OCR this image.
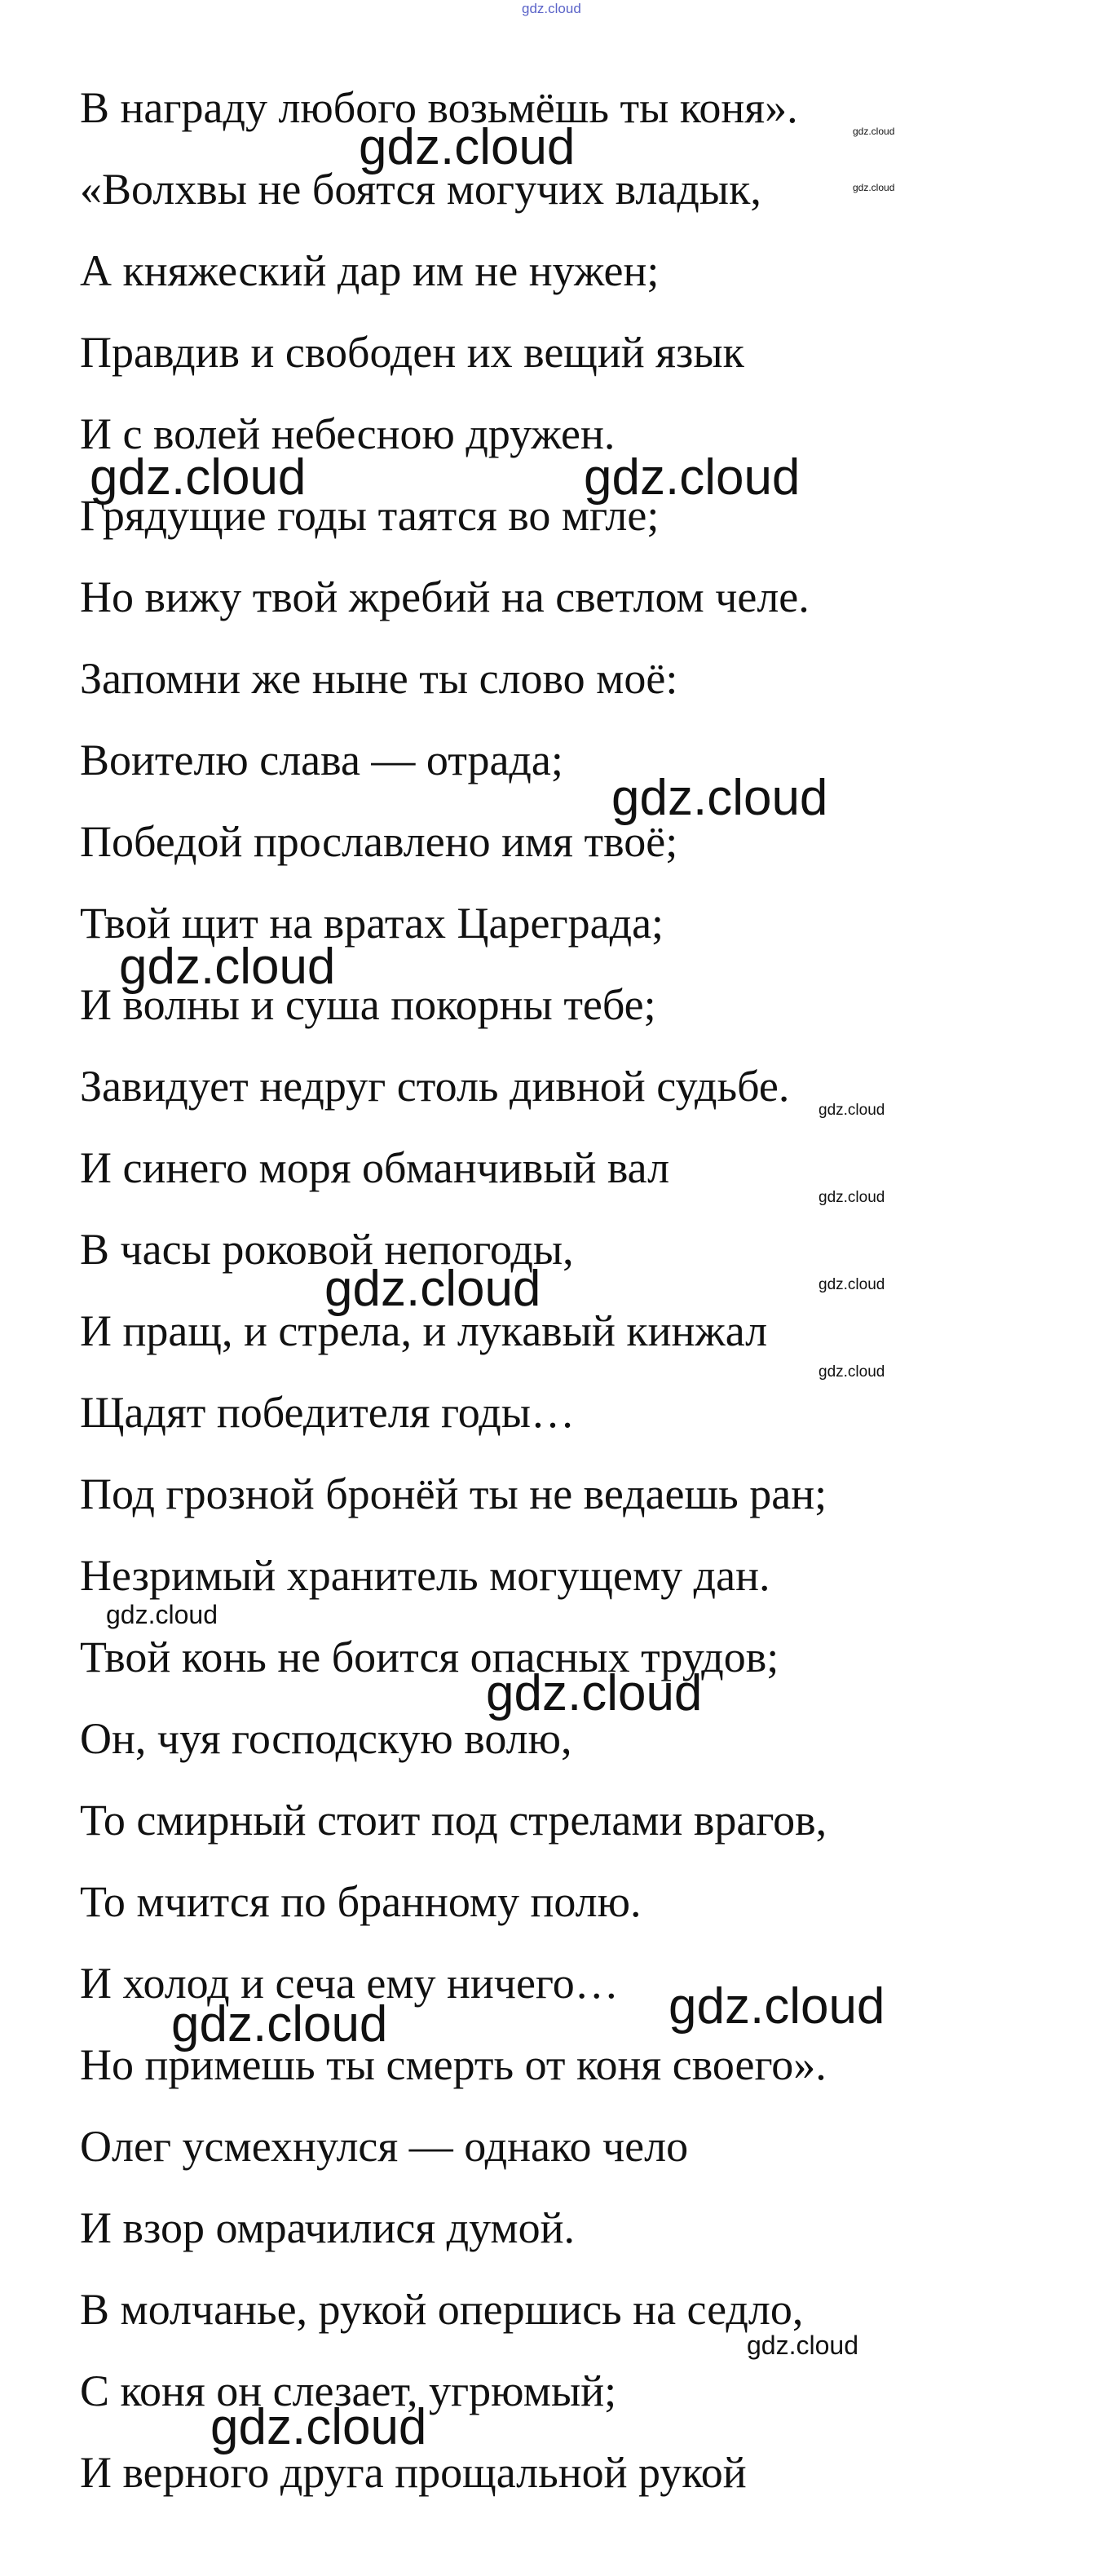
gdz.cloud

В награду любого возьмёшь ты коня».

«Волхвы не боятся могучих владык,

А княжеский дар им не нужен;

Правдив и свободен их вещий язык

И с волей небесною дружен.

Грядущие годы таятся во мгле;

Но вижу твой жребий на светлом челе.

Запомни же ныне ты слово моё:

Воителю слава — отрада;

Победой прославлено имя твоё;

Твой щит на вратах Цареграда;

И волны и суша покорны тебе;

Завидует недруг столь дивной судьбе.

И синего моря обманчивый вал

В часы роковой непогоды,

И пращ, и стрела, и лукавый кинжал

Щадят победителя годы…

Под грозной бронёй ты не ведаешь ран;

Незримый хранитель могущему дан.

Твой конь не боится опасных трудов;

Он, чуя господскую волю,

То смирный стоит под стрелами врагов,

То мчится по бранному полю.

И холод и сеча ему ничего…

Но примешь ты смерть от коня своего».

Олег усмехнулся — однако чело

И взор омрачилися думой.

В молчанье, рукой опершись на седло,

С коня он слезает, угрюмый;

И верного друга прощальной рукой

gdz.cloud	gdz.cloud

gdz.cloud

gdz.cloud	gdz.cloud

gdz.cloud

gdz.cloud

gdz.cloud

gdz.cloud

gdz.cloud

gdz.cloud

gdz.cloud

gdz.cloud

gdz.cloud

gdz.cloud

gdz.cloud

gdz.cloud

gdz.cloud
